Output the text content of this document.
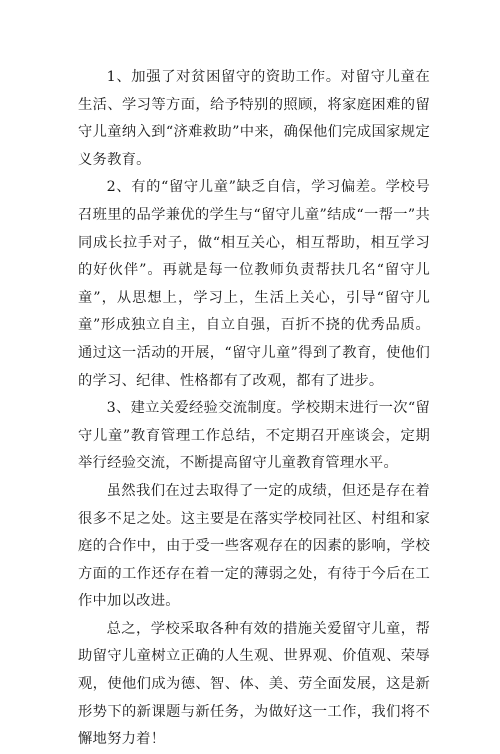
1、加强了对贫困留守的资助工作。对留守儿童在生活、学习等方面，给予特别的照顾，将家庭困难的留守儿童纳入到“济难救助”中来，确保他们完成国家规定义务教育。

2、有的“留守儿童”缺乏自信，学习偏差。学校号召班里的品学兼优的学生与“留守儿童”结成“一帮一”共同成长拉手对子，做“相互关心，相互帮助，相互学习的好伙伴”。再就是每一位教师负责帮扶几名“留守儿童”，从思想上，学习上，生活上关心，引导“留守儿童”形成独立自主，自立自强，百折不挠的优秀品质。通过这一活动的开展，“留守儿童”得到了教育，使他们的学习、纪律、性格都有了改观，都有了进步。

3、建立关爱经验交流制度。学校期末进行一次“留守儿童”教育管理工作总结，不定期召开座谈会，定期举行经验交流，不断提高留守儿童教育管理水平。

虽然我们在过去取得了一定的成绩，但还是存在着很多不足之处。这主要是在落实学校同社区、村组和家庭的合作中，由于受一些客观存在的因素的影响，学校方面的工作还存在着一定的薄弱之处，有待于今后在工作中加以改进。

总之，学校采取各种有效的措施关爱留守儿童，帮助留守儿童树立正确的人生观、世界观、价值观、荣辱观，使他们成为德、智、体、美、劳全面发展，这是新形势下的新课题与新任务，为做好这一工作，我们将不懈地努力着！
